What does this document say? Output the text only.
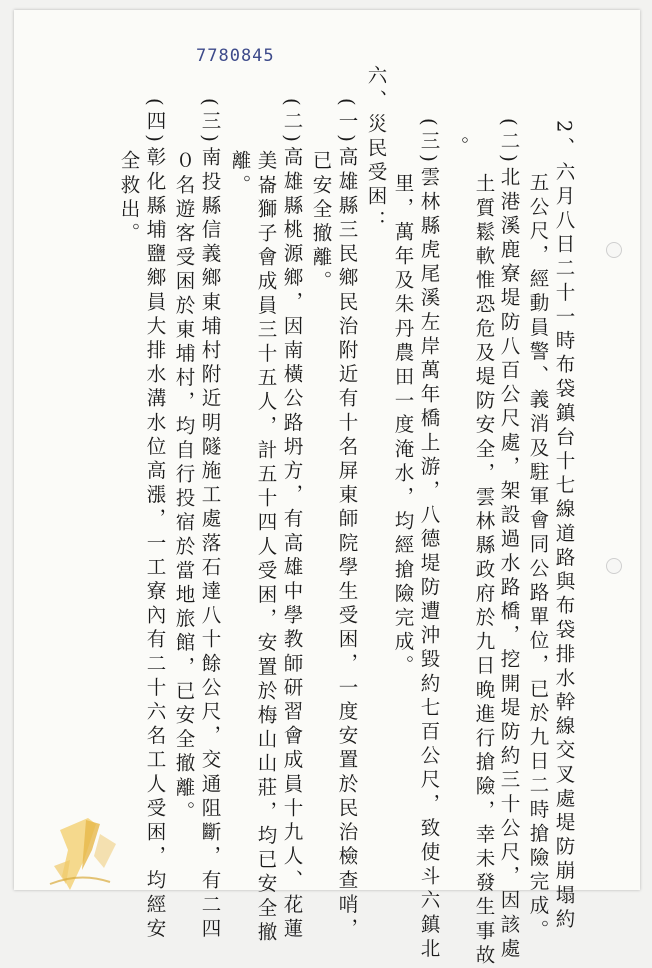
7780845
2、六月八日二十一時布袋鎮台十七線道路與布袋排水幹線交叉處堤防崩塌約
五公尺，經動員警、義消及駐軍會同公路單位，已於九日二時搶險完成。
(二)北港溪鹿寮堤防八百公尺處，架設過水路橋，挖開堤防約三十公尺，因該處
土質鬆軟惟恐危及堤防安全，雲林縣政府於九日晚進行搶險，幸未發生事故
。
(三)雲林縣虎尾溪左岸萬年橋上游，八德堤防遭沖毀約七百公尺，致使斗六鎮北
里，萬年及朱丹農田一度淹水，均經搶險完成。
六、災民受困：
(一)高雄縣三民鄉民治附近有十名屏東師院學生受困，一度安置於民治檢查哨，
已安全撤離。
(二)高雄縣桃源鄉，因南橫公路坍方，有高雄中學教師研習會成員十九人、花蓮
美崙獅子會成員三十五人，計五十四人受困，安置於梅山山莊，均已安全撤
離。
(三)南投縣信義鄉東埔村附近明隧施工處落石達八十餘公尺，交通阻斷，有二四
０名遊客受困於東埔村，均自行投宿於當地旅館，已安全撤離。
(四)彰化縣埔鹽鄉員大排水溝水位高漲，一工寮內有二十六名工人受困，均經安
全救出。
